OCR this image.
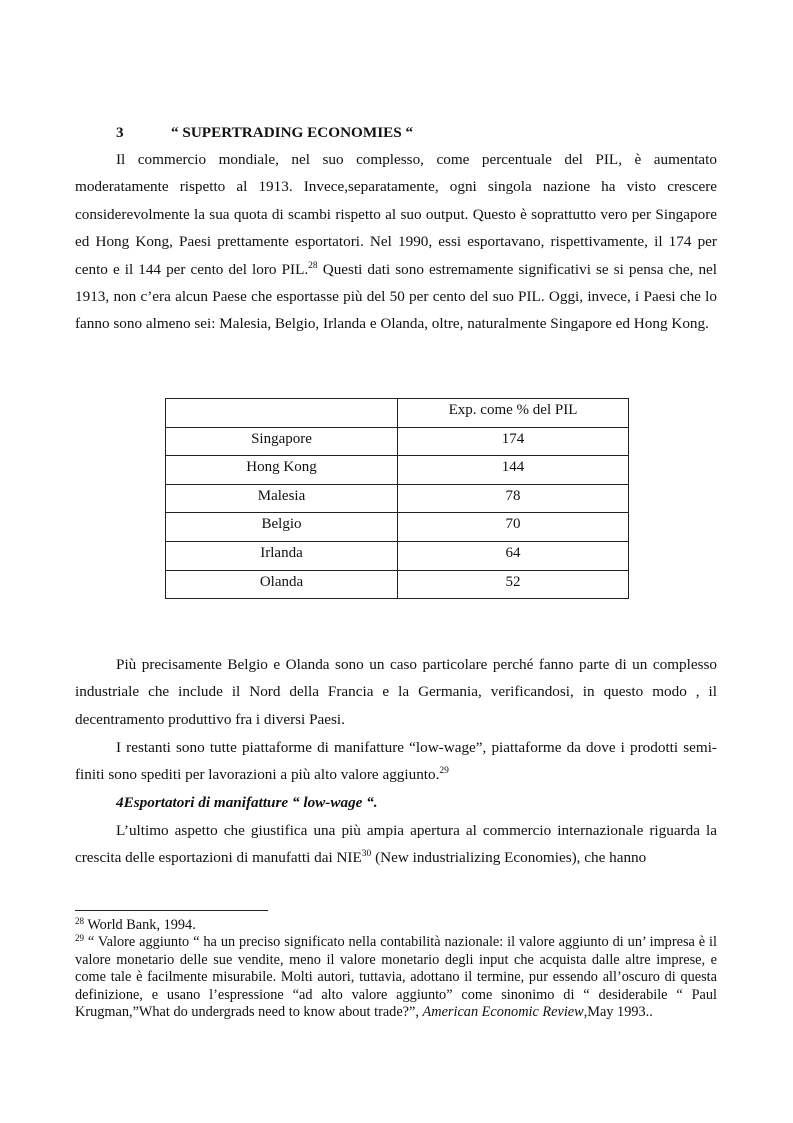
3	“ SUPERTRADING ECONOMIES “

Il commercio mondiale, nel suo complesso, come percentuale del PIL, è aumentato moderatamente rispetto al 1913. Invece,separatamente, ogni singola nazione ha visto crescere considerevolmente la sua quota di scambi rispetto al suo output. Questo è soprattutto vero per Singapore ed Hong Kong, Paesi prettamente esportatori. Nel 1990, essi esportavano, rispettivamente, il 174 per cento e il 144 per cento del loro PIL.$^{28}$ Questi dati sono estremamente significativi se si pensa che, nel 1913, non c’era alcun Paese che esportasse più del 50 per cento del suo PIL. Oggi, invece, i Paesi che lo fanno sono almeno sei: Malesia, Belgio, Irlanda e Olanda, oltre, naturalmente Singapore ed Hong Kong.

	Exp. come % del PIL
Singapore	174
Hong Kong	144
Malesia	78
Belgio	70
Irlanda	64
Olanda	52

Più precisamente Belgio e Olanda sono un caso particolare perché fanno parte di un complesso industriale che include il Nord della Francia e la Germania, verificandosi, in questo modo , il decentramento produttivo fra i diversi Paesi.

I restanti sono tutte piattaforme di manifatture “low-wage”, piattaforme da dove i prodotti semi- finiti sono spediti per lavorazioni a più alto valore aggiunto.$^{29}$

4Esportatori di manifatture “ low-wage “.

L’ultimo aspetto che giustifica una più ampia apertura al commercio internazionale riguarda la crescita delle esportazioni di manufatti dai NIE$^{30}$ (New industrializing Economies), che hanno

$^{28}$ World Bank, 1994.

$^{29}$ “ Valore aggiunto “ ha un preciso significato nella contabilità nazionale: il valore aggiunto di un’ impresa è il valore monetario delle sue vendite, meno il valore monetario degli input che acquista dalle altre imprese, e come tale è facilmente misurabile. Molti autori, tuttavia, adottano il termine, pur essendo all’oscuro di questa definizione, e usano l’espressione “ad alto valore aggiunto” come sinonimo di “ desiderabile “ Paul Krugman,”What do undergrads need to know about trade?”, American Economic Review,May 1993..
